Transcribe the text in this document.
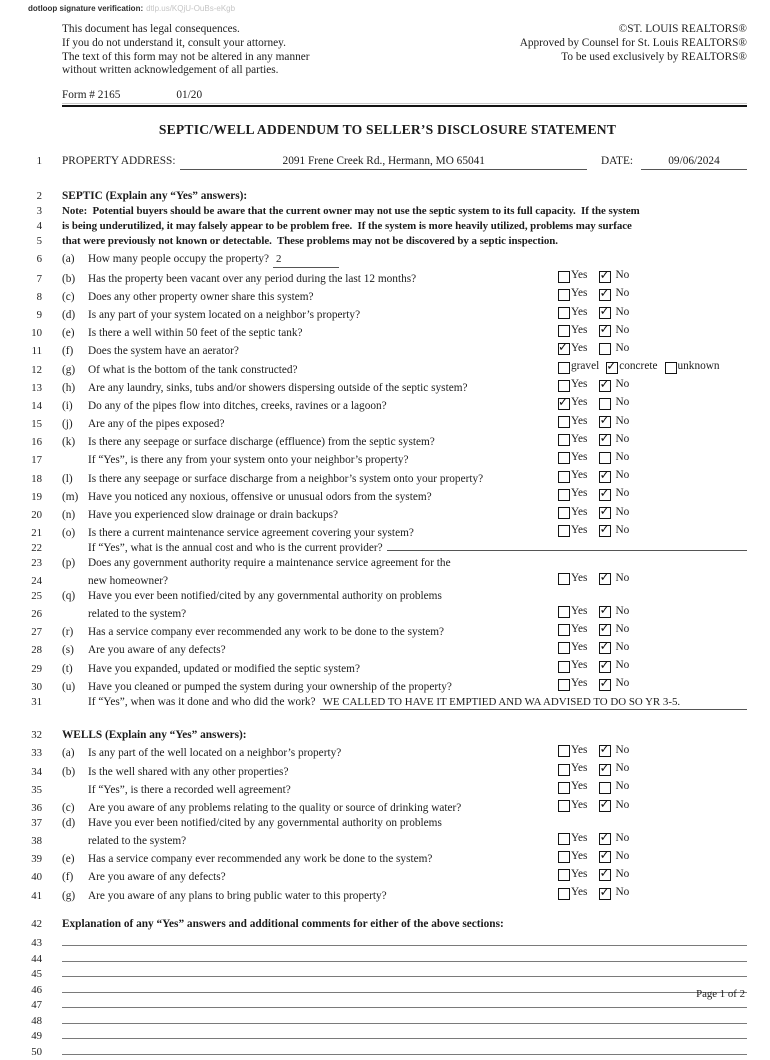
dotloop signature verification: dtlp.us/KQjU-OuBs-eKgb
This document has legal consequences.
If you do not understand it, consult your attorney.
The text of this form may not be altered in any manner
without written acknowledgement of all parties.
©ST. LOUIS REALTORS®
Approved by Counsel for St. Louis REALTORS®
To be used exclusively by REALTORS®
Form # 2165	01/20
SEPTIC/WELL ADDENDUM TO SELLER’S DISCLOSURE STATEMENT
1 PROPERTY ADDRESS:	2091 Frene Creek Rd., Hermann, MO 65041	DATE:	09/06/2024
2	SEPTIC (Explain any “Yes” answers):
3	Note:  Potential buyers should be aware that the current owner may not use the septic system to its full capacity.  If the system
4	is being underutilized, it may falsely appear to be problem free.  If the system is more heavily utilized, problems may surface
5	that were previously not known or detectable.  These problems may not be discovered by a septic inspection.
6	(a)	How many people occupy the property? 2
7	(b)	Has the property been vacant over any period during the last 12 months?	Yes ✓ No
8	(c)	Does any other property owner share this system?	Yes ✓ No
9	(d)	Is any part of your system located on a neighbor’s property?	Yes ✓ No
10	(e)	Is there a well within 50 feet of the septic tank?	Yes ✓ No
11	(f)	Does the system have an aerator? ✓	Yes No
12	(g)	Of what is the bottom of the tank constructed?	gravel ✓ concrete unknown
13	(h)	Are any laundry, sinks, tubs and/or showers dispersing outside of the septic system?	Yes ✓ No
14	(i)	Do any of the pipes flow into ditches, creeks, ravines or a lagoon? ✓	Yes No
15	(j)	Are any of the pipes exposed?	Yes ✓ No
16	(k)	Is there any seepage or surface discharge (effluence) from the septic system?	Yes ✓ No
17	If “Yes”, is there any from your system onto your neighbor’s property?	Yes No
18	(l)	Is there any seepage or surface discharge from a neighbor’s system onto your property?	Yes ✓ No
19	(m) Have you noticed any noxious, offensive or unusual odors from the system?	Yes ✓ No
20	(n)	Have you experienced slow drainage or drain backups?	Yes ✓ No
21	(o)	Is there a current maintenance service agreement covering your system?	Yes ✓ No
22	If “Yes”, what is the annual cost and who is the current provider?
23	(p)	Does any government authority require a maintenance service agreement for the
24	new homeowner?	Yes ✓ No
25	(q)	Have you ever been notified/cited by any governmental authority on problems
26	related to the system?	Yes ✓ No
27	(r)	Has a service company ever recommended any work to be done to the system?	Yes ✓ No
28	(s)	Are you aware of any defects?	Yes ✓ No
29	(t)	Have you expanded, updated or modified the septic system?	Yes ✓ No
30	(u)	Have you cleaned or pumped the system during your ownership of the property?	Yes ✓ No
31	If “Yes”, when was it done and who did the work? WE CALLED TO HAVE IT EMPTIED AND WA ADVISED TO DO SO YR 3-5.
32	WELLS (Explain any “Yes” answers):
33	(a)	Is any part of the well located on a neighbor’s property?	Yes ✓ No
34	(b)	Is the well shared with any other properties?	Yes ✓ No
35	If “Yes”, is there a recorded well agreement?	Yes No
36	(c)	Are you aware of any problems relating to the quality or source of drinking water?	Yes ✓ No
37	(d)	Have you ever been notified/cited by any governmental authority on problems
38	related to the system?	Yes ✓ No
39	(e)	Has a service company ever recommended any work be done to the system?	Yes ✓ No
40	(f)	Are you aware of any defects?	Yes ✓ No
41	(g)	Are you aware of any plans to bring public water to this property?	Yes ✓ No
42	Explanation of any “Yes” answers and additional comments for either of the above sections:
43
44
45
46
47
48
49
50
Page 1 of 2
